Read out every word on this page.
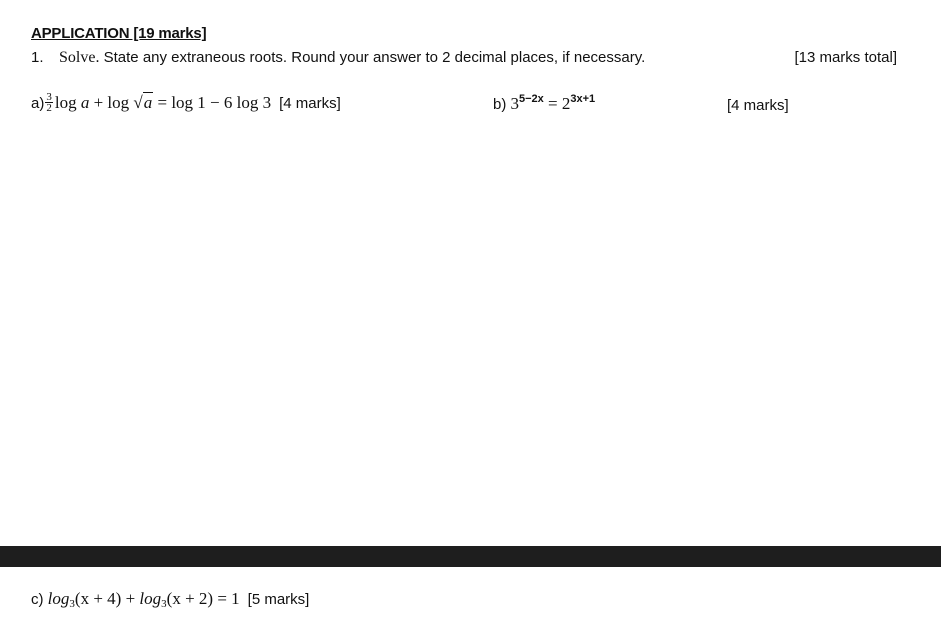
APPLICATION [19 marks]
1. Solve. State any extraneous roots. Round your answer to 2 decimal places, if necessary.	[13 marks total]
$a) \frac{3}{2}$ log a + log √a = log 1 − 6 log 3 [4 marks]	b) $3^{5-2x} = 2^{3x+1}$	[4 marks]
c) $\log_3(x + 4) + \log_3(x + 2) = 1$ [5 marks]
